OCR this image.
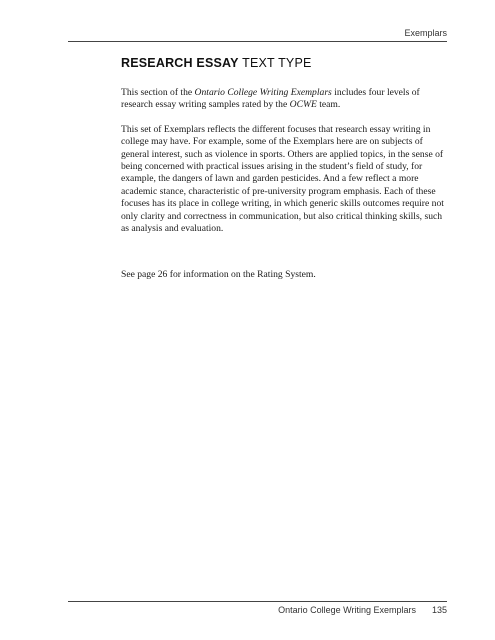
Exemplars
RESEARCH ESSAY TEXT TYPE

This section of the Ontario College Writing Exemplars includes four levels of research essay writing samples rated by the OCWE team.

This set of Exemplars reflects the different focuses that research essay writing in college may have. For example, some of the Exemplars here are on subjects of general interest, such as violence in sports. Others are applied topics, in the sense of being concerned with practical issues arising in the student’s field of study, for example, the dangers of lawn and garden pesticides. And a few reflect a more academic stance, characteristic of pre-university program emphasis. Each of these focuses has its place in college writing, in which generic skills outcomes require not only clarity and correctness in communication, but also critical thinking skills, such as analysis and evaluation.

See page 26 for information on the Rating System.

Ontario College Writing Exemplars 135
